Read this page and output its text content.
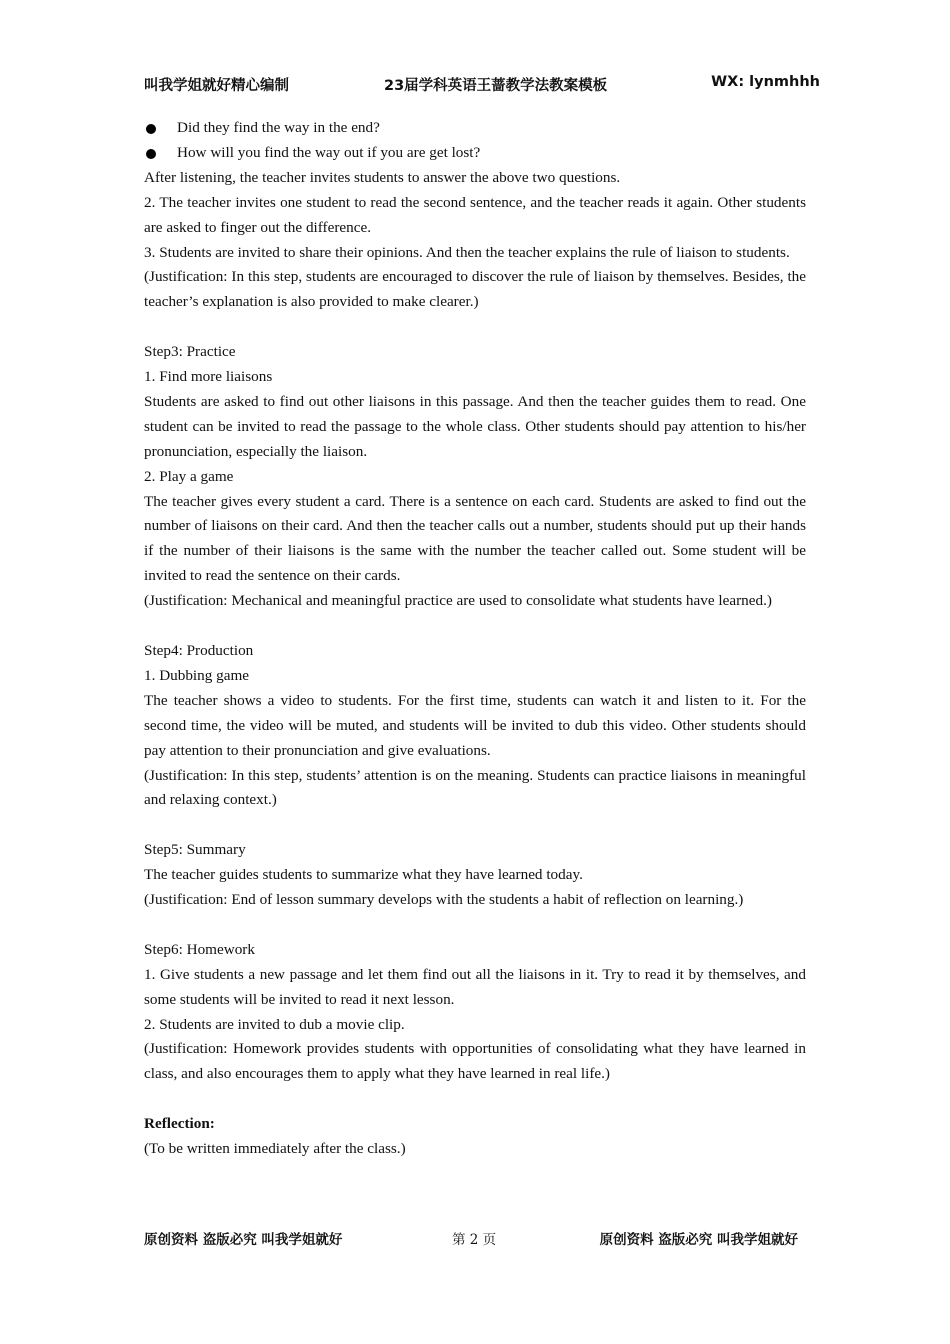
叫我学姐就好精心编制	23届学科英语王蔷教学法教案模板	WX: lynmhhh

Did they find the way in the end?

How will you find the way out if you are get lost?

After listening, the teacher invites students to answer the above two questions.

2. The teacher invites one student to read the second sentence, and the teacher reads it again. Other students are asked to finger out the difference.

3. Students are invited to share their opinions. And then the teacher explains the rule of liaison to students.

(Justification: In this step, students are encouraged to discover the rule of liaison by themselves. Besides, the teacher’s explanation is also provided to make clearer.)

Step3: Practice

1. Find more liaisons

Students are asked to find out other liaisons in this passage. And then the teacher guides them to read. One student can be invited to read the passage to the whole class. Other students should pay attention to his/her pronunciation, especially the liaison.

2. Play a game

The teacher gives every student a card. There is a sentence on each card. Students are asked to find out the number of liaisons on their card. And then the teacher calls out a number, students should put up their hands if the number of their liaisons is the same with the number the teacher called out. Some student will be invited to read the sentence on their cards.

(Justification: Mechanical and meaningful practice are used to consolidate what students have learned.)

Step4: Production

1. Dubbing game

The teacher shows a video to students. For the first time, students can watch it and listen to it. For the second time, the video will be muted, and students will be invited to dub this video. Other students should pay attention to their pronunciation and give evaluations.

(Justification: In this step, students’ attention is on the meaning. Students can practice liaisons in meaningful and relaxing context.)

Step5: Summary

The teacher guides students to summarize what they have learned today.

(Justification: End of lesson summary develops with the students a habit of reflection on learning.)

Step6: Homework

1. Give students a new passage and let them find out all the liaisons in it. Try to read it by themselves, and some students will be invited to read it next lesson.

2. Students are invited to dub a movie clip.

(Justification: Homework provides students with opportunities of consolidating what they have learned in class, and also encourages them to apply what they have learned in real life.)

Reflection:

(To be written immediately after the class.)

原创资料 盗版必究 叫我学姐就好	第 2 页	原创资料 盗版必究 叫我学姐就好
